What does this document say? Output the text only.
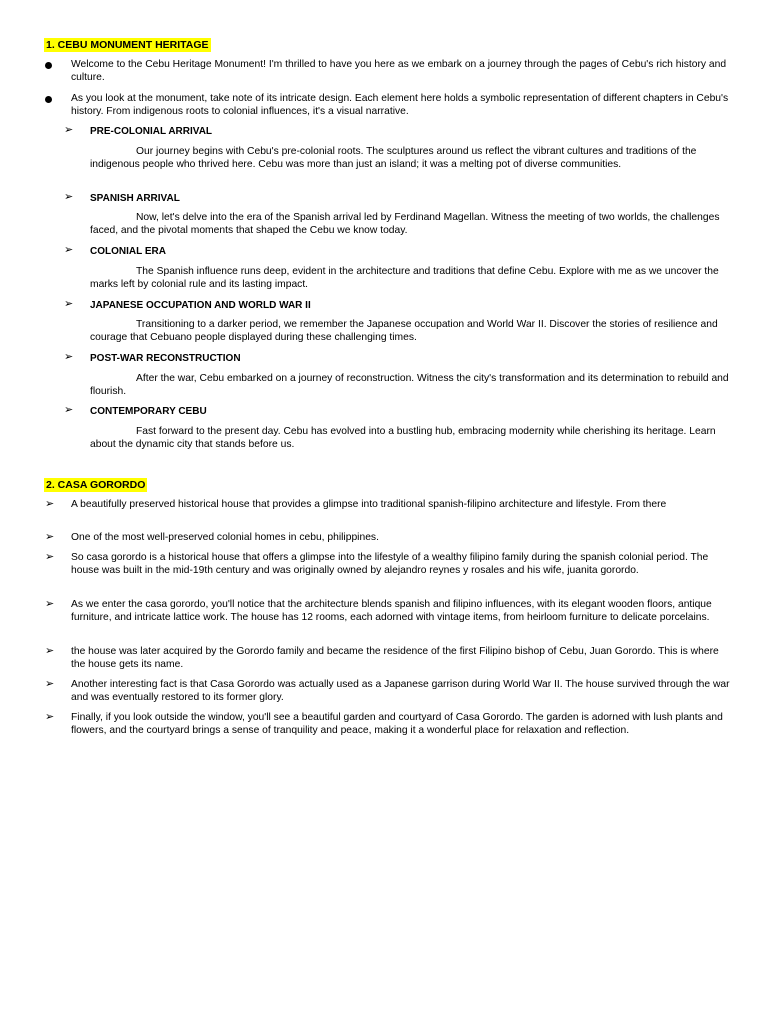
1. CEBU MONUMENT HERITAGE
Welcome to the Cebu Heritage Monument! I'm thrilled to have you here as we embark on a journey through the pages of Cebu's rich history and culture.
As you look at the monument, take note of its intricate design. Each element here holds a symbolic representation of different chapters in Cebu's history. From indigenous roots to colonial influences, it's a visual narrative.
➢ PRE-COLONIAL ARRIVAL
Our journey begins with Cebu's pre-colonial roots. The sculptures around us reflect the vibrant cultures and traditions of the indigenous people who thrived here. Cebu was more than just an island; it was a melting pot of diverse communities.
➢ SPANISH ARRIVAL
Now, let's delve into the era of the Spanish arrival led by Ferdinand Magellan. Witness the meeting of two worlds, the challenges faced, and the pivotal moments that shaped the Cebu we know today.
➢ COLONIAL ERA
The Spanish influence runs deep, evident in the architecture and traditions that define Cebu. Explore with me as we uncover the marks left by colonial rule and its lasting impact.
➢ JAPANESE OCCUPATION AND WORLD WAR II
Transitioning to a darker period, we remember the Japanese occupation and World War II. Discover the stories of resilience and courage that Cebuano people displayed during these challenging times.
➢ POST-WAR RECONSTRUCTION
After the war, Cebu embarked on a journey of reconstruction. Witness the city's transformation and its determination to rebuild and flourish.
➢ CONTEMPORARY CEBU
Fast forward to the present day. Cebu has evolved into a bustling hub, embracing modernity while cherishing its heritage. Learn about the dynamic city that stands before us.
2. CASA GORORDO
➢ A beautifully preserved historical house that provides a glimpse into traditional spanish-filipino architecture and lifestyle. From there
➢ One of the most well-preserved colonial homes in cebu, philippines.
➢ So casa gorordo is a historical house that offers a glimpse into the lifestyle of a wealthy filipino family during the spanish colonial period. The house was built in the mid-19th century and was originally owned by alejandro reynes y rosales and his wife, juanita gorordo.
➢ As we enter the casa gorordo, you'll notice that the architecture blends spanish and filipino influences, with its elegant wooden floors, antique furniture, and intricate lattice work. The house has 12 rooms, each adorned with vintage items, from heirloom furniture to delicate porcelains.
➢ the house was later acquired by the Gorordo family and became the residence of the first Filipino bishop of Cebu, Juan Gorordo. This is where the house gets its name.
➢ Another interesting fact is that Casa Gorordo was actually used as a Japanese garrison during World War II. The house survived through the war and was eventually restored to its former glory.
➢ Finally, if you look outside the window, you'll see a beautiful garden and courtyard of Casa Gorordo. The garden is adorned with lush plants and flowers, and the courtyard brings a sense of tranquility and peace, making it a wonderful place for relaxation and reflection.
